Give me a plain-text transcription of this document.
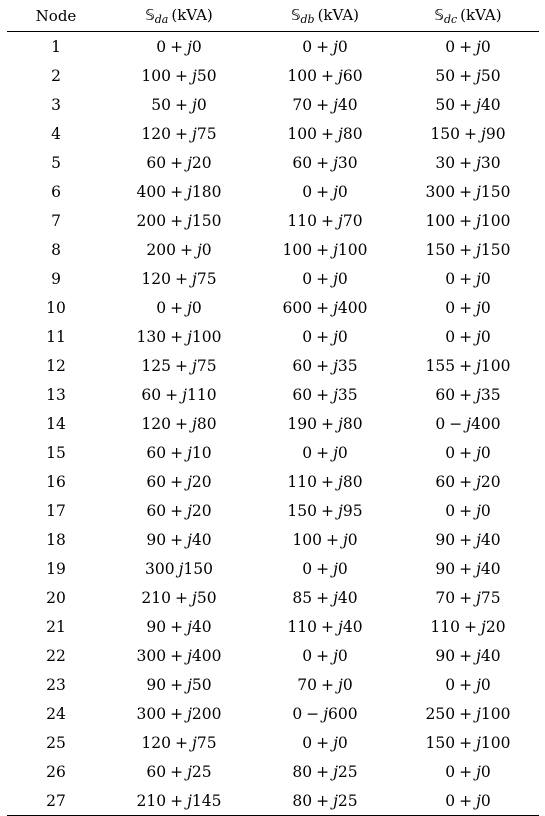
Node	𝕊$_{da}$ (kVA)	𝕊$_{db}$ (kVA)	𝕊$_{dc}$ (kVA)
1	0 + j0	0 + j0	0 + j0
2	100 + j50	100 + j60	50 + j50
3	50 + j0	70 + j40	50 + j40
4	120 + j75	100 + j80	150 + j90
5	60 + j20	60 + j30	30 + j30
6	400 + j180	0 + j0	300 + j150
7	200 + j150	110 + j70	100 + j100
8	200 + j0	100 + j100	150 + j150
9	120 + j75	0 + j0	0 + j0
10	0 + j0	600 + j400	0 + j0
11	130 + j100	0 + j0	0 + j0
12	125 + j75	60 + j35	155 + j100
13	60 + j110	60 + j35	60 + j35
14	120 + j80	190 + j80	0 − j400
15	60 + j10	0 + j0	0 + j0
16	60 + j20	110 + j80	60 + j20
17	60 + j20	150 + j95	0 + j0
18	90 + j40	100 + j0	90 + j40
19	300 j150	0 + j0	90 + j40
20	210 + j50	85 + j40	70 + j75
21	90 + j40	110 + j40	110 + j20
22	300 + j400	0 + j0	90 + j40
23	90 + j50	70 + j0	0 + j0
24	300 + j200	0 − j600	250 + j100
25	120 + j75	0 + j0	150 + j100
26	60 + j25	80 + j25	0 + j0
27	210 + j145	80 + j25	0 + j0
